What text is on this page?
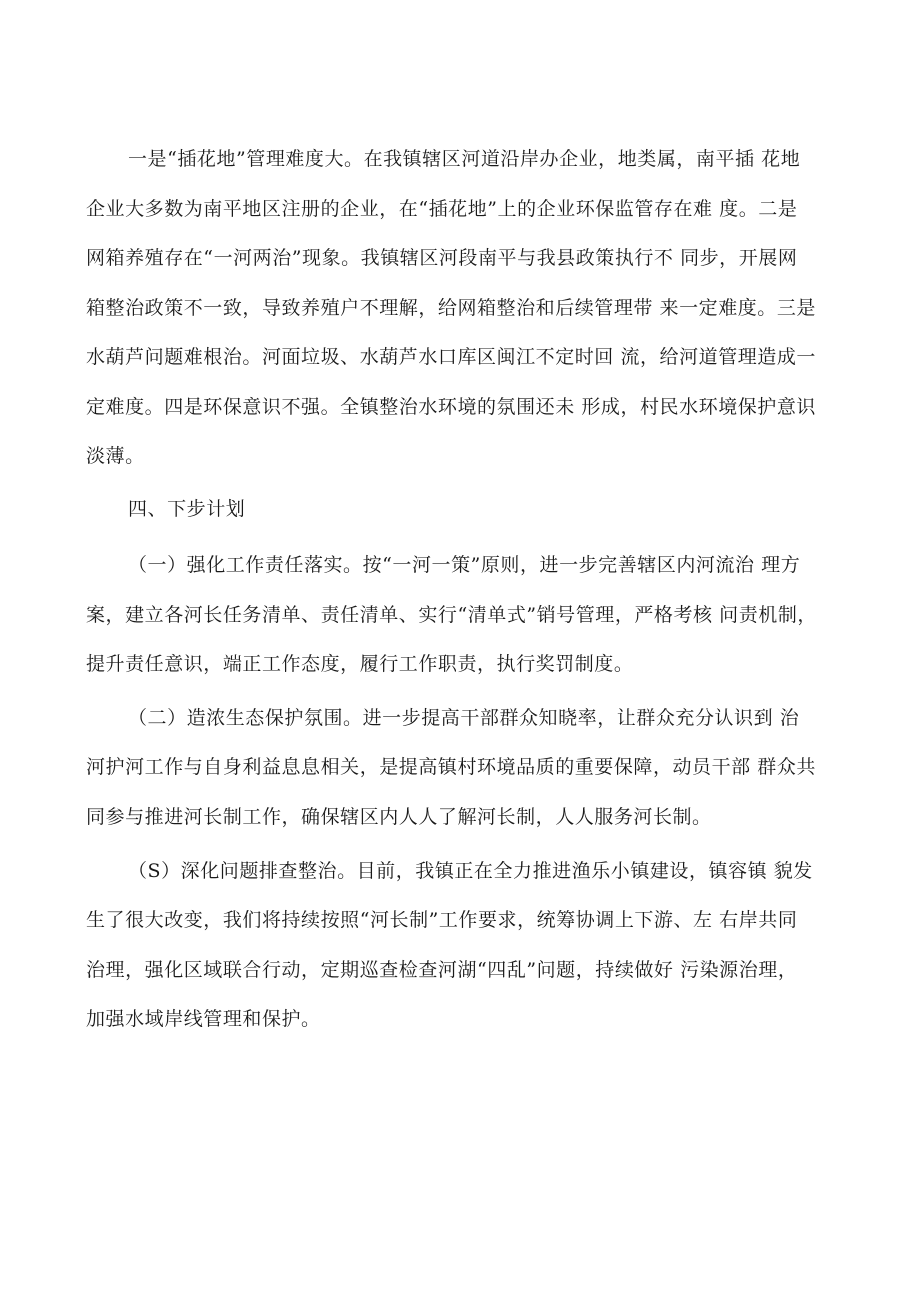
一是“插花地”管理难度大。在我镇辖区河道沿岸办企业，地类属，南平插 花地

企业大多数为南平地区注册的企业，在“插花地”上的企业环保监管存在难 度。二是

网箱养殖存在“一河两治”现象。我镇辖区河段南平与我县政策执行不 同步，开展网

箱整治政策不一致，导致养殖户不理解，给网箱整治和后续管理带 来一定难度。三是

水葫芦问题难根治。河面垃圾、水葫芦水口库区闽江不定时回 流，给河道管理造成一

定难度。四是环保意识不强。全镇整治水环境的氛围还未 形成，村民水环境保护意识

淡薄。

四、下步计划

（一）强化工作责任落实。按“一河一策”原则，进一步完善辖区内河流治 理方

案，建立各河长任务清单、责任清单、实行“清单式”销号管理，严格考核 问责机制，

提升责任意识，端正工作态度，履行工作职责，执行奖罚制度。

（二）造浓生态保护氛围。进一步提高干部群众知晓率，让群众充分认识到 治

河护河工作与自身利益息息相关，是提高镇村环境品质的重要保障，动员干部 群众共

同参与推进河长制工作，确保辖区内人人了解河长制，人人服务河长制。

（S）深化问题排查整治。目前，我镇正在全力推进渔乐小镇建设，镇容镇 貌发

生了很大改变，我们将持续按照“河长制”工作要求，统筹协调上下游、左 右岸共同

治理，强化区域联合行动，定期巡查检查河湖“四乱”问题，持续做好 污染源治理，

加强水域岸线管理和保护。
